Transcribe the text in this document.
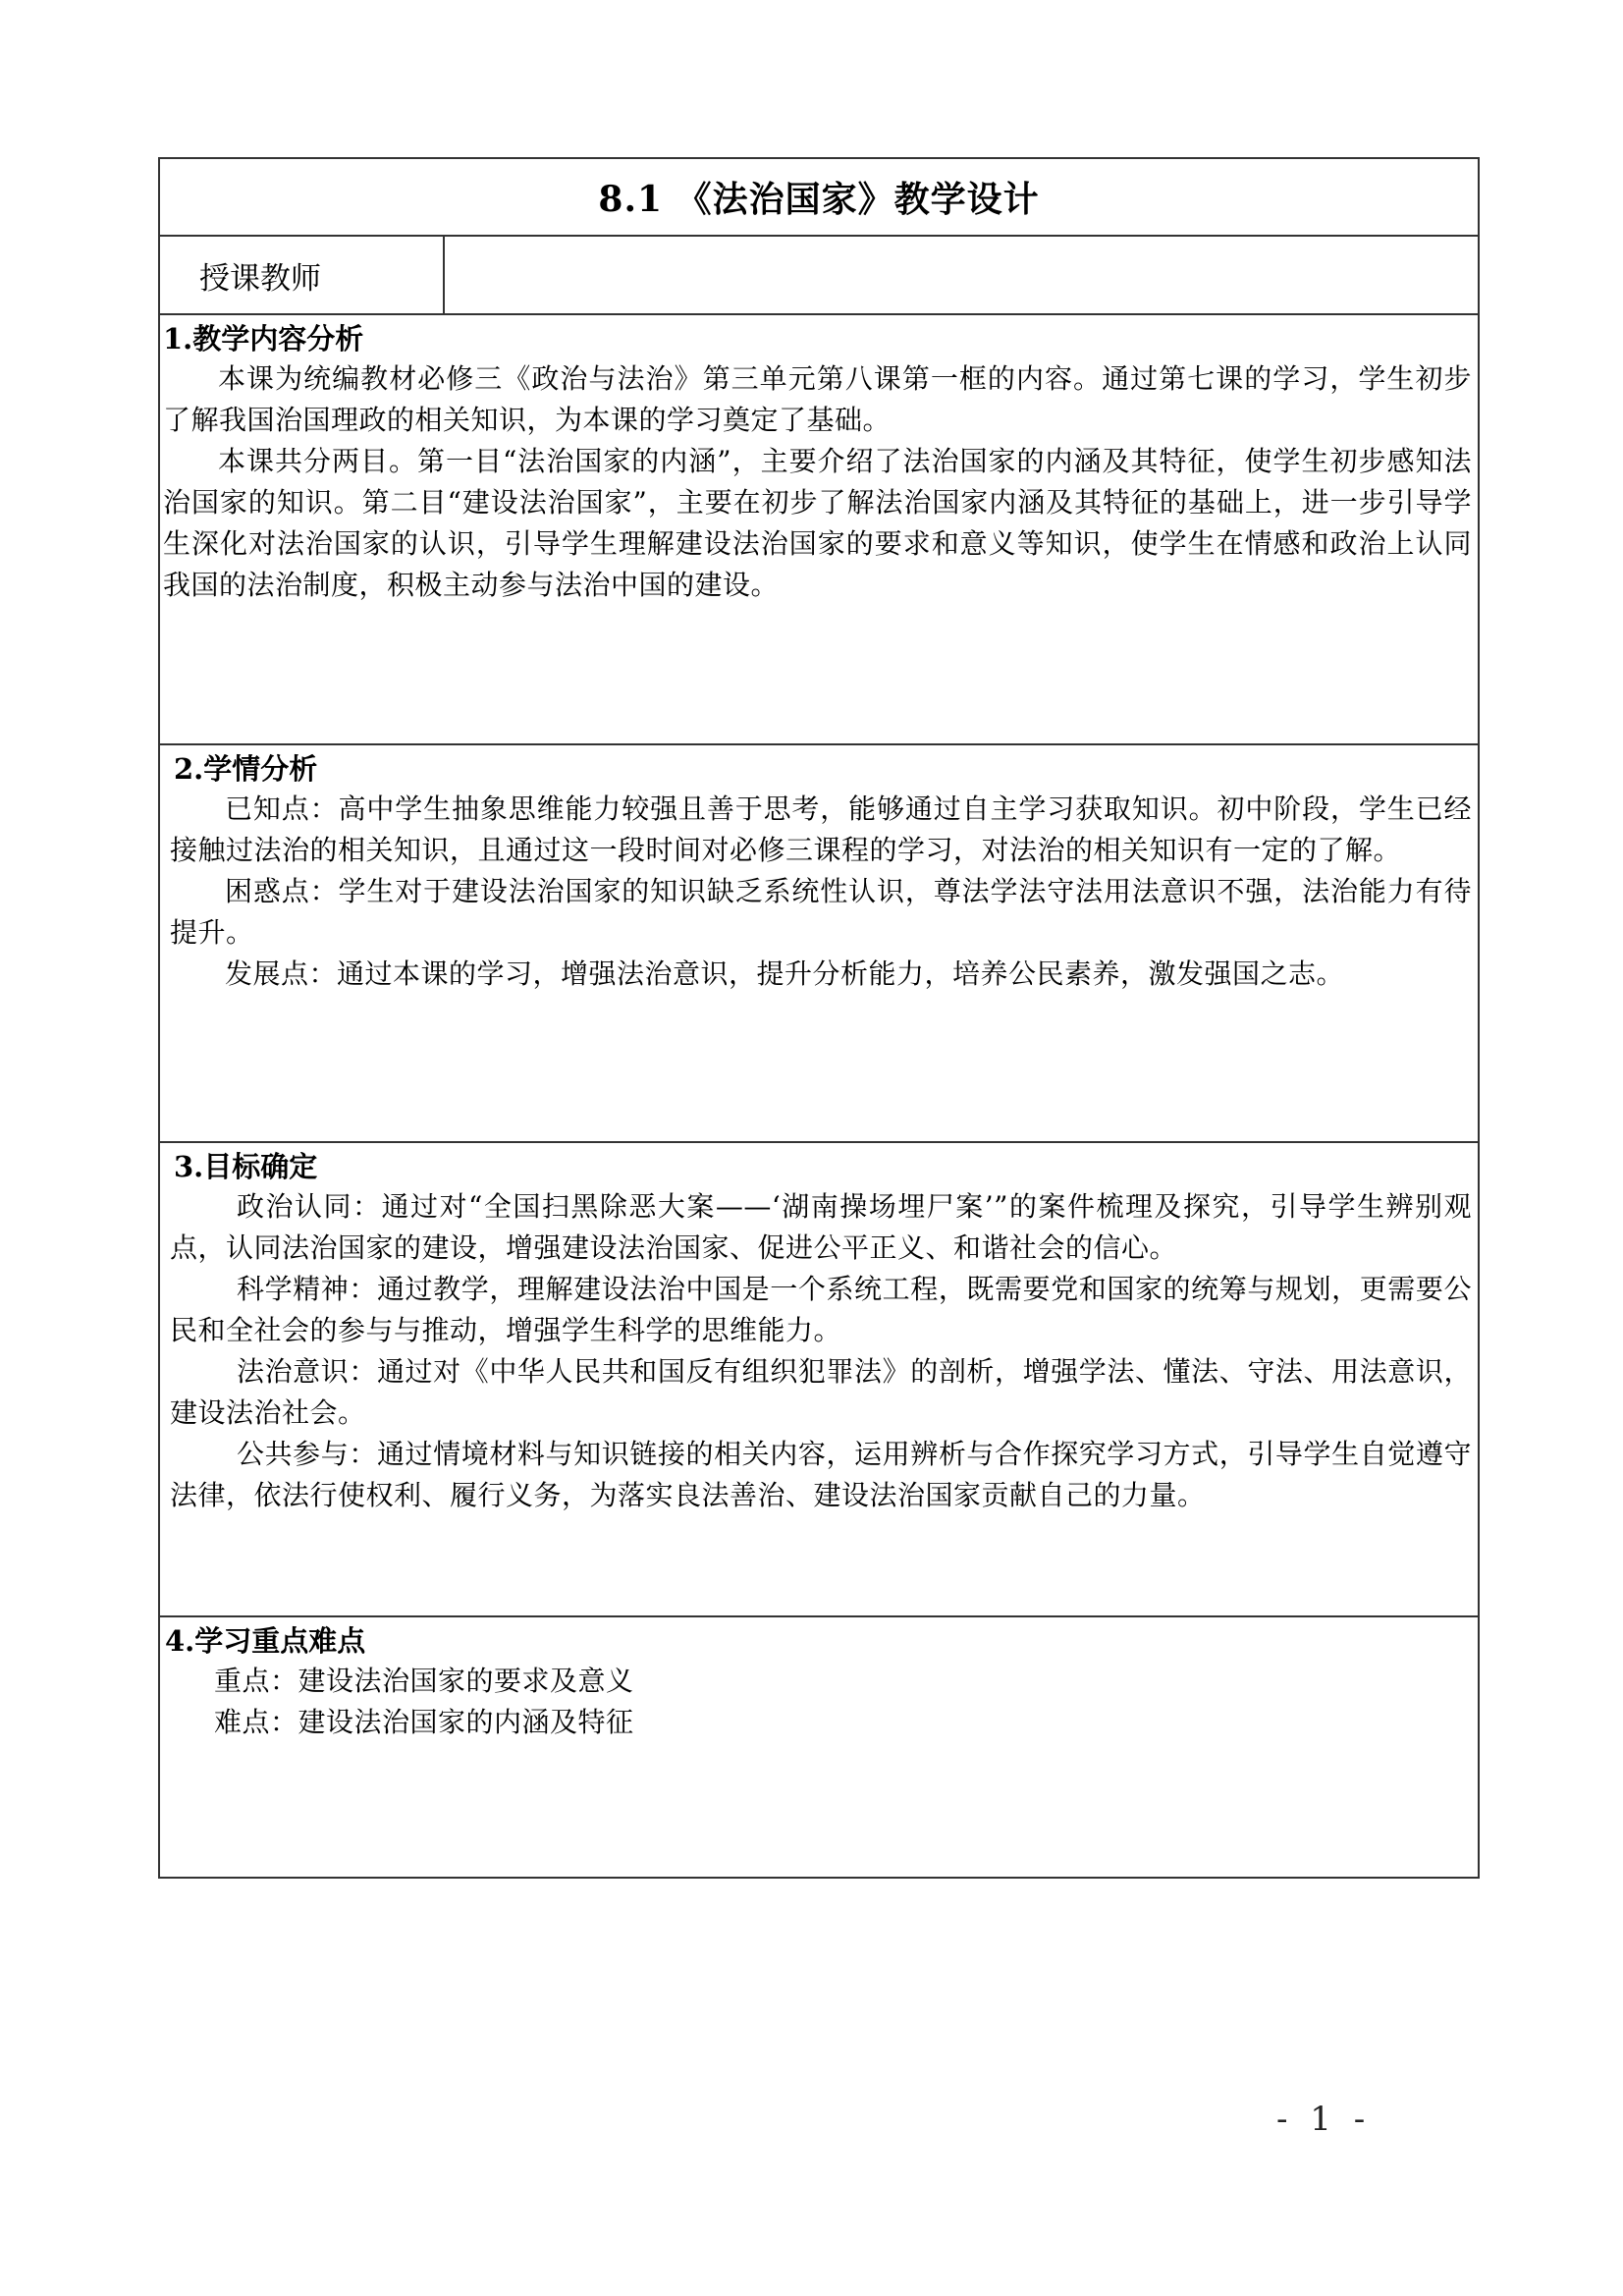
8.1 《法治国家》教学设计
授课教师

1.教学内容分析

本课为统编教材必修三《政治与法治》第三单元第八课第一框的内容。通过第七课的学习，学生初步了解我国治国理政的相关知识，为本课的学习奠定了基础。

本课共分两目。第一目“法治国家的内涵”，主要介绍了法治国家的内涵及其特征，使学生初步感知法治国家的知识。第二目“建设法治国家”，主要在初步了解法治国家内涵及其特征的基础上，进一步引导学生深化对法治国家的认识，引导学生理解建设法治国家的要求和意义等知识，使学生在情感和政治上认同我国的法治制度，积极主动参与法治中国的建设。

2.学情分析

已知点：高中学生抽象思维能力较强且善于思考，能够通过自主学习获取知识。初中阶段，学生已经接触过法治的相关知识，且通过这一段时间对必修三课程的学习，对法治的相关知识有一定的了解。

困惑点：学生对于建设法治国家的知识缺乏系统性认识，尊法学法守法用法意识不强，法治能力有待提升。

发展点：通过本课的学习，增强法治意识，提升分析能力，培养公民素养，激发强国之志。

3.目标确定

政治认同：通过对“全国扫黑除恶大案——‘湖南操场埋尸案’”的案件梳理及探究，引导学生辨别观点，认同法治国家的建设，增强建设法治国家、促进公平正义、和谐社会的信心。

科学精神：通过教学，理解建设法治中国是一个系统工程，既需要党和国家的统筹与规划，更需要公民和全社会的参与与推动，增强学生科学的思维能力。

法治意识：通过对《中华人民共和国反有组织犯罪法》的剖析，增强学法、懂法、守法、用法意识，建设法治社会。

公共参与：通过情境材料与知识链接的相关内容，运用辨析与合作探究学习方式，引导学生自觉遵守法律，依法行使权利、履行义务，为落实良法善治、建设法治国家贡献自己的力量。

4.学习重点难点

重点：建设法治国家的要求及意义

难点：建设法治国家的内涵及特征

- 1 -
